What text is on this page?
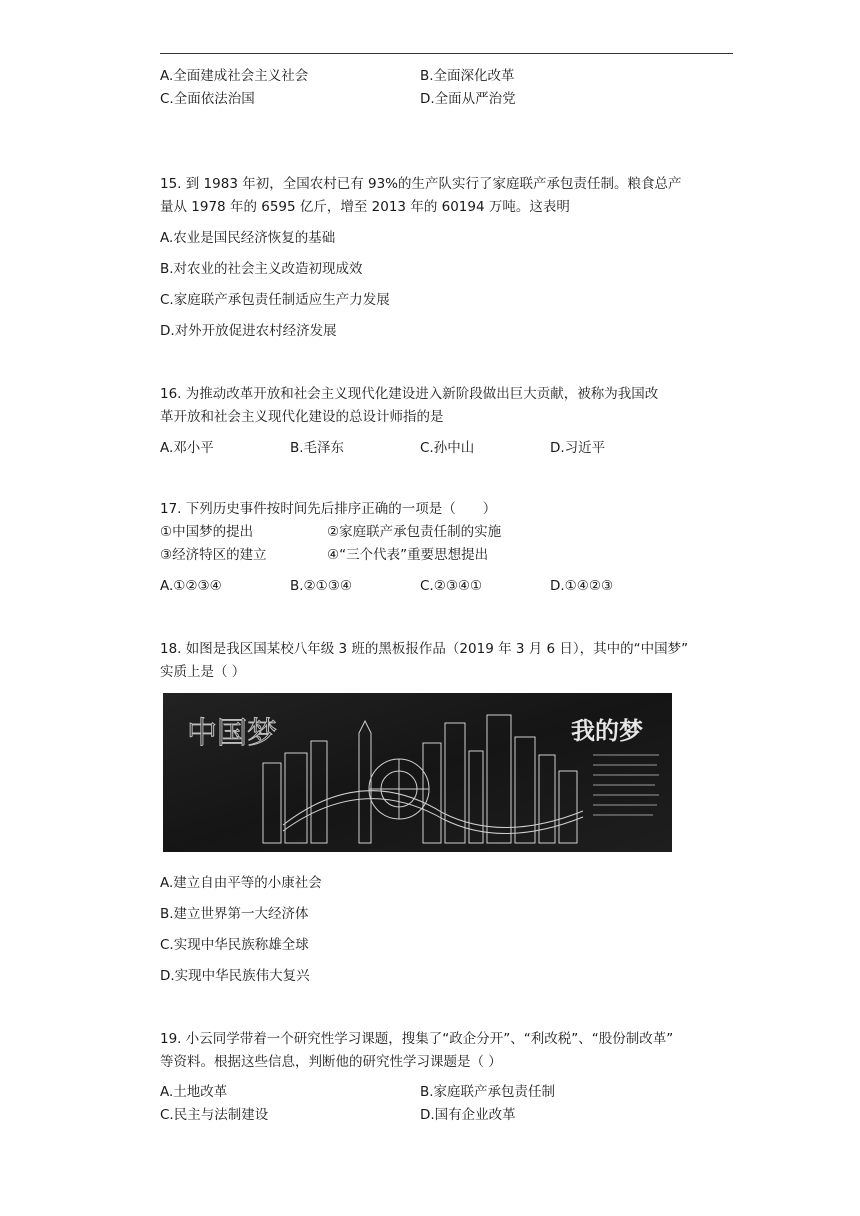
A.全面建成社会主义社会	B.全面深化改革
C.全面依法治国	D.全面从严治党
15. 到 1983 年初，全国农村已有 93%的生产队实行了家庭联产承包责任制。粮食总产
量从 1978 年的 6595 亿斤，增至 2013 年的 60194 万吨。这表明
A.农业是国民经济恢复的基础
B.对农业的社会主义改造初现成效
C.家庭联产承包责任制适应生产力发展
D.对外开放促进农村经济发展
16. 为推动改革开放和社会主义现代化建设进入新阶段做出巨大贡献，被称为我国改
革开放和社会主义现代化建设的总设计师指的是
A.邓小平	B.毛泽东	C.孙中山	D.习近平
17. 下列历史事件按时间先后排序正确的一项是（　　）
①中国梦的提出	②家庭联产承包责任制的实施
③经济特区的建立	④“三个代表”重要思想提出
A.①②③④	B.②①③④	C.②③④①	D.①④②③
18. 如图是我区国某校八年级 3 班的黑板报作品（2019 年 3 月 6 日），其中的“中国梦”
实质上是（ ）
中国梦	我的梦
A.建立自由平等的小康社会
B.建立世界第一大经济体
C.实现中华民族称雄全球
D.实现中华民族伟大复兴
19. 小云同学带着一个研究性学习课题，搜集了“政企分开”、“利改税”、“股份制改革”
等资料。根据这些信息，判断他的研究性学习课题是（ ）
A.土地改革	B.家庭联产承包责任制
C.民主与法制建设	D.国有企业改革
